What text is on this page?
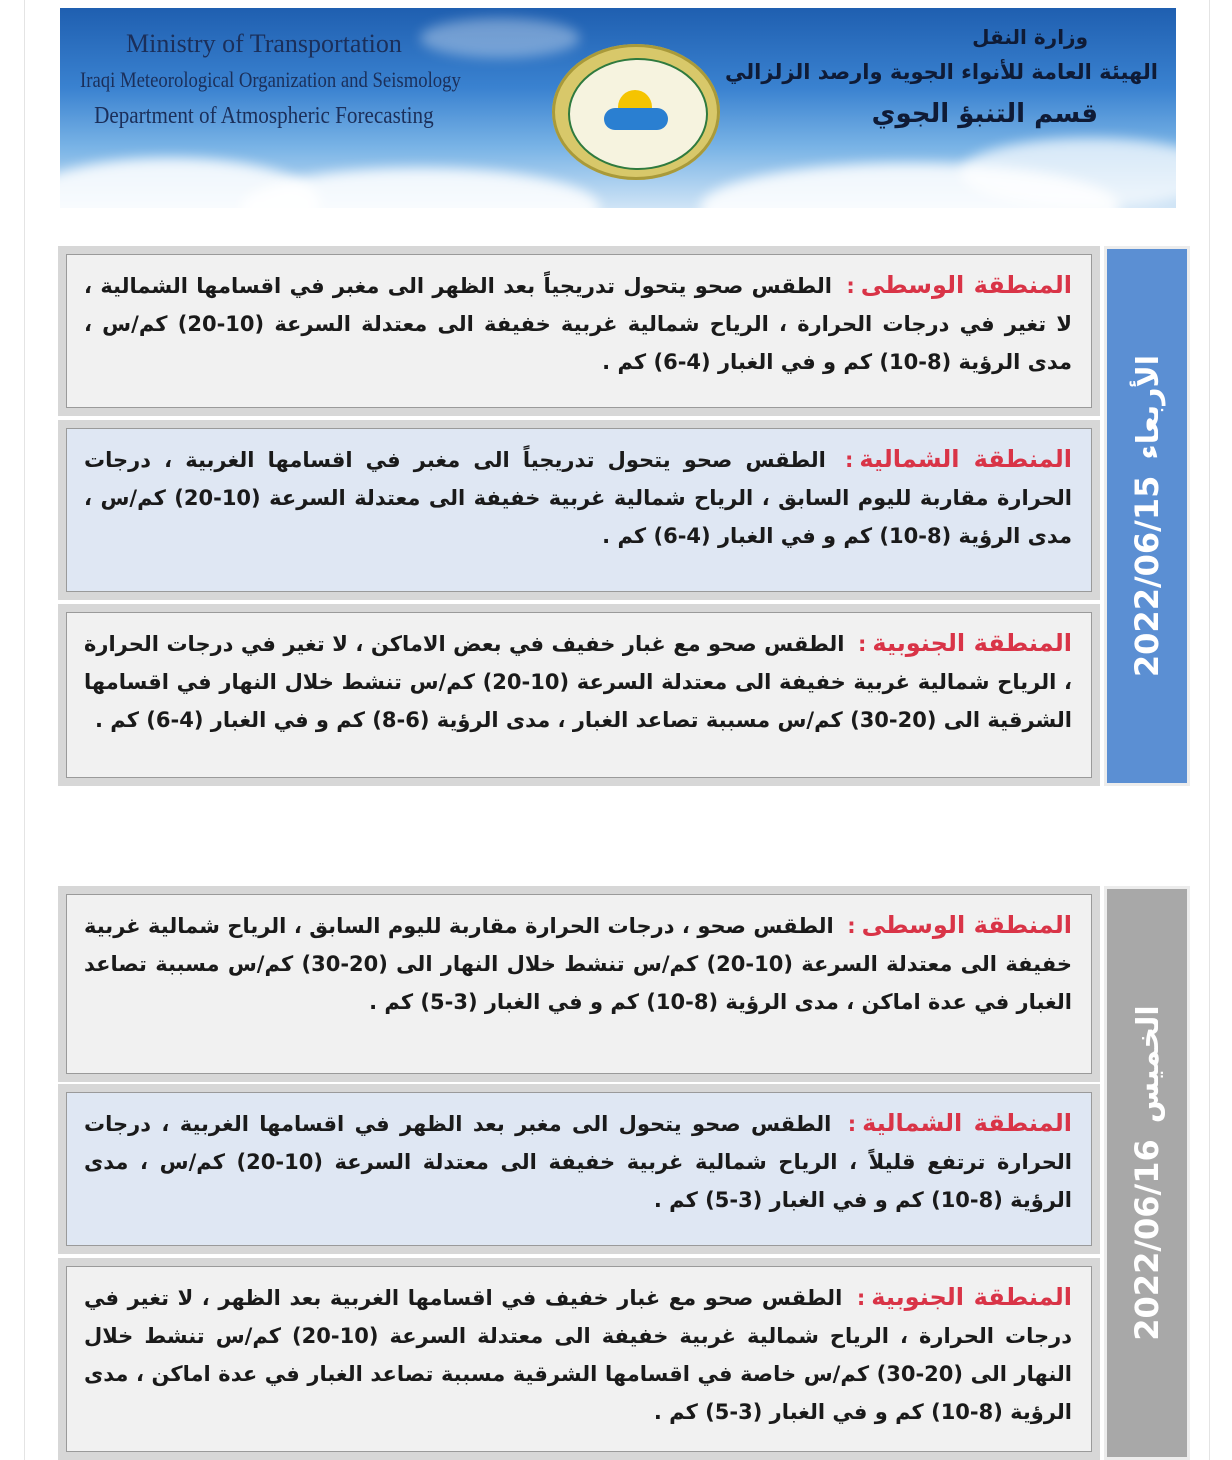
Ministry of Transportation
Iraqi Meteorological Organization and Seismology
Department of Atmospheric Forecasting
وزارة النقل
الهيئة العامة للأنواء الجوية وارصد الزلزالي
قسم التنبؤ الجوي
المنطقة الوسطى: الطقس صحو يتحول تدريجياً بعد الظهر الى مغبر في اقسامها الشمالية ، لا تغير في درجات الحرارة ، الرياح شمالية غربية خفيفة الى معتدلة السرعة (10-20) كم/س ، مدى الرؤية (8-10) كم و في الغبار (4-6) كم .
المنطقة الشمالية: الطقس صحو يتحول تدريجياً الى مغبر في اقسامها الغربية ، درجات الحرارة مقاربة لليوم السابق ، الرياح شمالية غربية خفيفة الى معتدلة السرعة (10-20) كم/س ، مدى الرؤية (8-10) كم و في الغبار (4-6) كم .
المنطقة الجنوبية: الطقس صحو مع غبار خفيف في بعض الاماكن ، لا تغير في درجات الحرارة ، الرياح شمالية غربية خفيفة الى معتدلة السرعة (10-20) كم/س تنشط خلال النهار في اقسامها الشرقية الى (20-30) كم/س مسببة تصاعد الغبار ، مدى الرؤية (6-8) كم و في الغبار (4-6) كم .
الأربعاء2022/06/15
المنطقة الوسطى: الطقس صحو ، درجات الحرارة مقاربة لليوم السابق ، الرياح شمالية غربية خفيفة الى معتدلة السرعة (10-20) كم/س تنشط خلال النهار الى (20-30) كم/س مسببة تصاعد الغبار في عدة اماكن ، مدى الرؤية (8-10) كم و في الغبار (3-5) كم .
المنطقة الشمالية: الطقس صحو يتحول الى مغبر بعد الظهر في اقسامها الغربية ، درجات الحرارة ترتفع قليلاً ، الرياح شمالية غربية خفيفة الى معتدلة السرعة (10-20) كم/س ، مدى الرؤية (8-10) كم و في الغبار (3-5) كم .
المنطقة الجنوبية: الطقس صحو مع غبار خفيف في اقسامها الغربية بعد الظهر ، لا تغير في درجات الحرارة ، الرياح شمالية غربية خفيفة الى معتدلة السرعة (10-20) كم/س تنشط خلال النهار الى (20-30) كم/س خاصة في اقسامها الشرقية مسببة تصاعد الغبار في عدة اماكن ، مدى الرؤية (8-10) كم و في الغبار (3-5) كم .
الخميس2022/06/16
